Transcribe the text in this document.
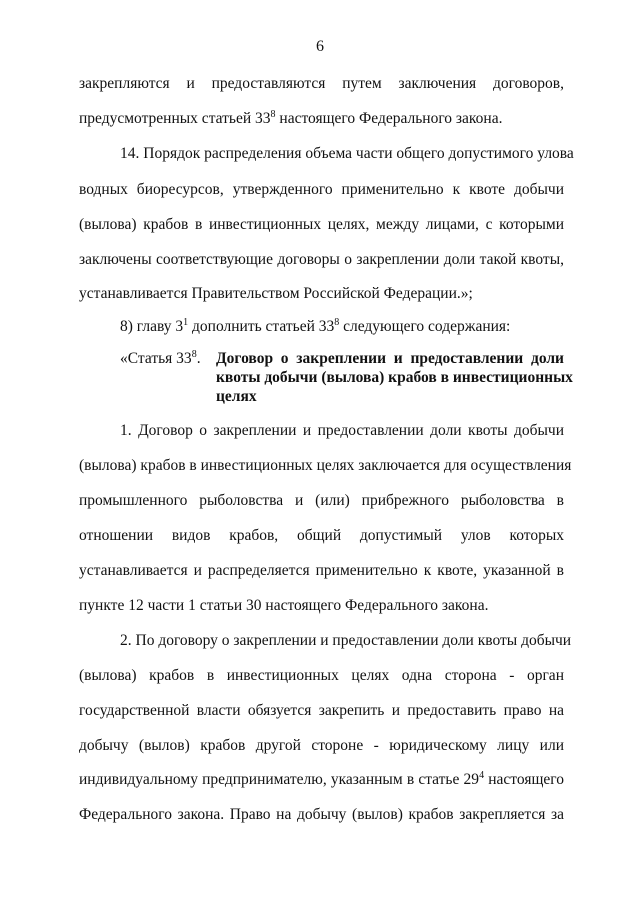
6
закрепляются и предоставляются путем заключения договоров,
предусмотренных статьей $33^8$ настоящего Федерального закона.
14. Порядок распределения объема части общего допустимого улова
водных биоресурсов, утвержденного применительно к квоте добычи
(вылова) крабов в инвестиционных целях, между лицами, с которыми
заключены соответствующие договоры о закреплении доли такой квоты,
устанавливается Правительством Российской Федерации.»;
8) главу $3^1$ дополнить статьей $33^8$ следующего содержания:
«Статья $33^8$. Договор о закреплении и предоставлении доли
квоты добычи (вылова) крабов в инвестиционных
целях
1. Договор о закреплении и предоставлении доли квоты добычи
(вылова) крабов в инвестиционных целях заключается для осуществления
промышленного рыболовства и (или) прибрежного рыболовства в
отношении видов крабов, общий допустимый улов которых
устанавливается и распределяется применительно к квоте, указанной в
пункте 12 части 1 статьи 30 настоящего Федерального закона.
2. По договору о закреплении и предоставлении доли квоты добычи
(вылова) крабов в инвестиционных целях одна сторона - орган
государственной власти обязуется закрепить и предоставить право на
добычу (вылов) крабов другой стороне - юридическому лицу или
индивидуальному предпринимателю, указанным в статье $29^4$ настоящего
Федерального закона. Право на добычу (вылов) крабов закрепляется за
